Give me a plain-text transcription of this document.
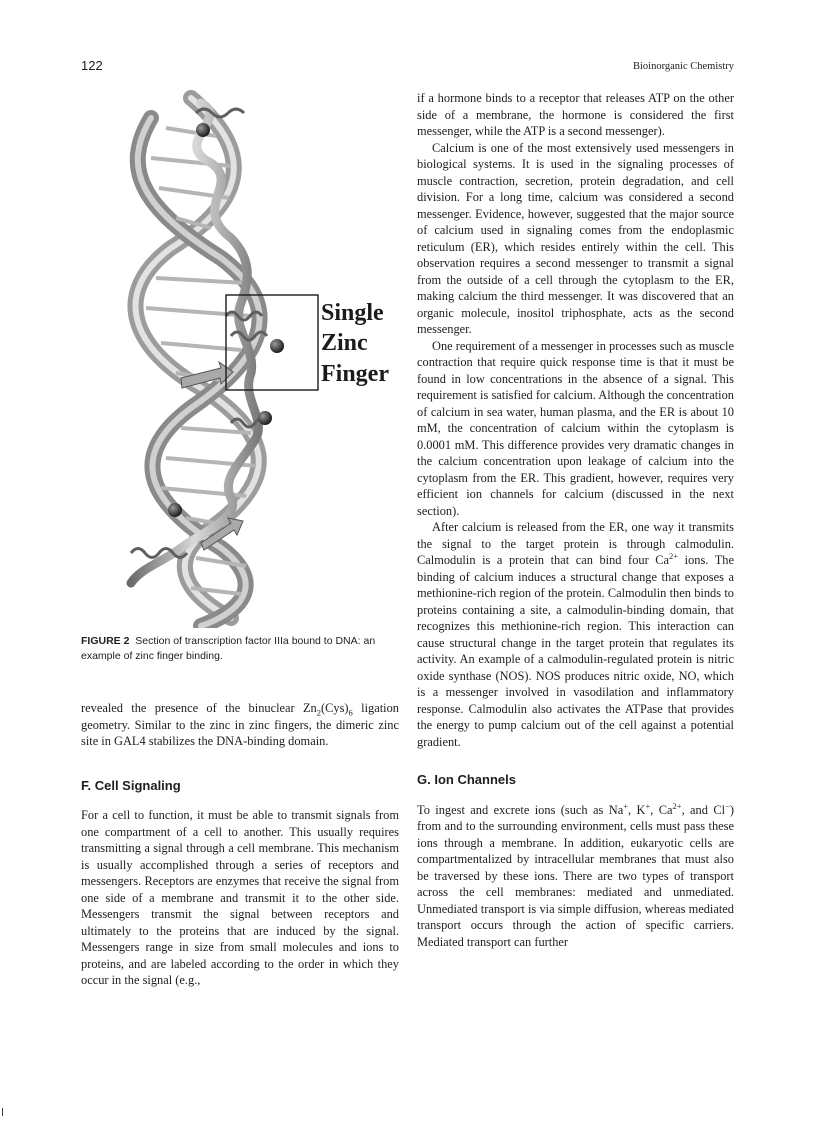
122	Bioinorganic Chemistry
Single
Zinc
Finger
FIGURE 2 Section of transcription factor IIIa bound to DNA: an example of zinc finger binding.

revealed the presence of the binuclear $Zn_2(Cys)_6$ ligation geometry. Similar to the zinc in zinc fingers, the dimeric zinc site in GAL4 stabilizes the DNA-binding domain.

F. Cell Signaling

For a cell to function, it must be able to transmit signals from one compartment of a cell to another. This usually requires transmitting a signal through a cell membrane. This mechanism is usually accomplished through a series of receptors and messengers. Receptors are enzymes that receive the signal from one side of a membrane and transmit it to the other side. Messengers transmit the signal between receptors and ultimately to the proteins that are induced by the signal. Messengers range in size from small molecules and ions to proteins, and are labeled according to the order in which they occur in the signal (e.g.,

if a hormone binds to a receptor that releases ATP on the other side of a membrane, the hormone is considered the first messenger, while the ATP is a second messenger).

Calcium is one of the most extensively used messengers in biological systems. It is used in the signaling processes of muscle contraction, secretion, protein degradation, and cell division. For a long time, calcium was considered a second messenger. Evidence, however, suggested that the major source of calcium used in signaling comes from the endoplasmic reticulum (ER), which resides entirely within the cell. This observation requires a second messenger to transmit a signal from the outside of a cell through the cytoplasm to the ER, making calcium the third messenger. It was discovered that an organic molecule, inositol triphosphate, acts as the second messenger.

One requirement of a messenger in processes such as muscle contraction that require quick response time is that it must be found in low concentrations in the absence of a signal. This requirement is satisfied for calcium. Although the concentration of calcium in sea water, human plasma, and the ER is about 10 mM, the concentration of calcium within the cytoplasm is 0.0001 mM. This difference provides very dramatic changes in the calcium concentration upon leakage of calcium into the cytoplasm from the ER. This gradient, however, requires very efficient ion channels for calcium (discussed in the next section).

After calcium is released from the ER, one way it transmits the signal to the target protein is through calmodulin. Calmodulin is a protein that can bind four $Ca^{2+}$ ions. The binding of calcium induces a structural change that exposes a methionine-rich region of the protein. Calmodulin then binds to proteins containing a site, a calmodulin-binding domain, that recognizes this methionine-rich region. This interaction can cause structural change in the target protein that regulates its activity. An example of a calmodulin-regulated protein is nitric oxide synthase (NOS). NOS produces nitric oxide, NO, which is a messenger involved in vasodilation and inflammatory response. Calmodulin also activates the ATPase that provides the energy to pump calcium out of the cell against a potential gradient.

G. Ion Channels

To ingest and excrete ions (such as Na+, K+, $Ca^{2+}$, and Cl−) from and to the surrounding environment, cells must pass these ions through a membrane. In addition, eukaryotic cells are compartmentalized by intracellular membranes that must also be traversed by these ions. There are two types of transport across the cell membranes: mediated and unmediated. Unmediated transport is via simple diffusion, whereas mediated transport occurs through the action of specific carriers. Mediated transport can further
